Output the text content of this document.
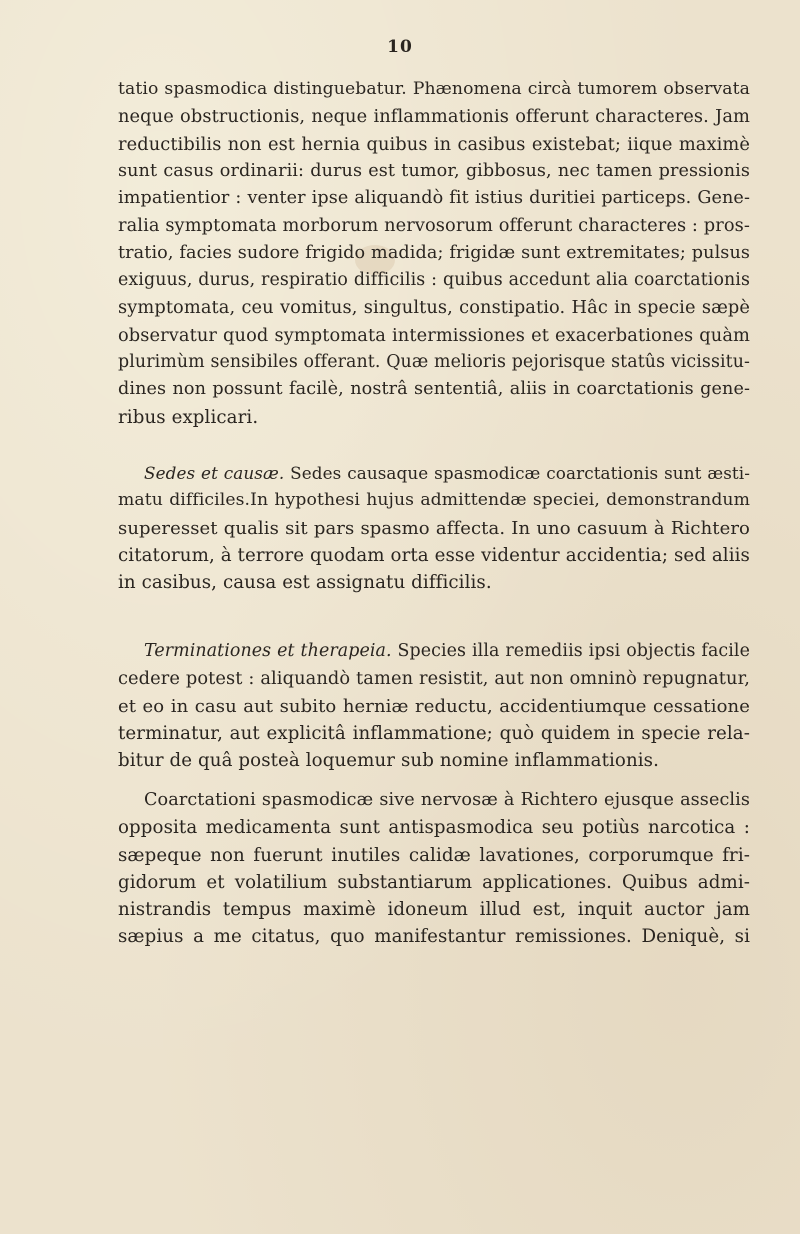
10
tatio spasmodica distinguebatur. Phænomena circà tumorem observata
neque obstructionis, neque inflammationis offerunt characteres. Jam
reductibilis non est hernia quibus in casibus existebat; iique maximè
sunt casus ordinarii: durus est tumor, gibbosus, nec tamen pressionis
impatientior : venter ipse aliquandò fit istius duritiei particeps. Gene-
ralia symptomata morborum nervosorum offerunt characteres : pros-
tratio, facies sudore frigido madida; frigidæ sunt extremitates; pulsus
exiguus, durus, respiratio difficilis : quibus accedunt alia coarctationis
symptomata, ceu vomitus, singultus, constipatio. Hâc in specie sæpè
observatur quod symptomata intermissiones et exacerbationes quàm
plurimùm sensibiles offerant. Quæ melioris pejorisque statûs vicissitu-
dines non possunt facilè, nostrâ sententiâ, aliis in coarctationis gene-
ribus explicari.
Sedes et causæ. Sedes causaque spasmodicæ coarctationis sunt æsti-
matu difficiles.In hypothesi hujus admittendæ speciei, demonstrandum
superesset qualis sit pars spasmo affecta. In uno casuum à Richtero
citatorum, à terrore quodam orta esse videntur accidentia; sed aliis
in casibus, causa est assignatu difficilis.
Terminationes et therapeia. Species illa remediis ipsi objectis facile
cedere potest : aliquandò tamen resistit, aut non omninò repugnatur,
et eo in casu aut subito herniæ reductu, accidentiumque cessatione
terminatur, aut explicitâ inflammatione; quò quidem in specie rela-
bitur de quâ posteà loquemur sub nomine inflammationis.
Coarctationi spasmodicæ sive nervosæ à Richtero ejusque asseclis
opposita medicamenta sunt antispasmodica seu potiùs narcotica :
sæpeque non fuerunt inutiles calidæ lavationes, corporumque fri-
gidorum et volatilium substantiarum applicationes. Quibus admi-
nistrandis tempus maximè idoneum illud est, inquit auctor jam
sæpius a me citatus, quo manifestantur remissiones. Deniquè, si
